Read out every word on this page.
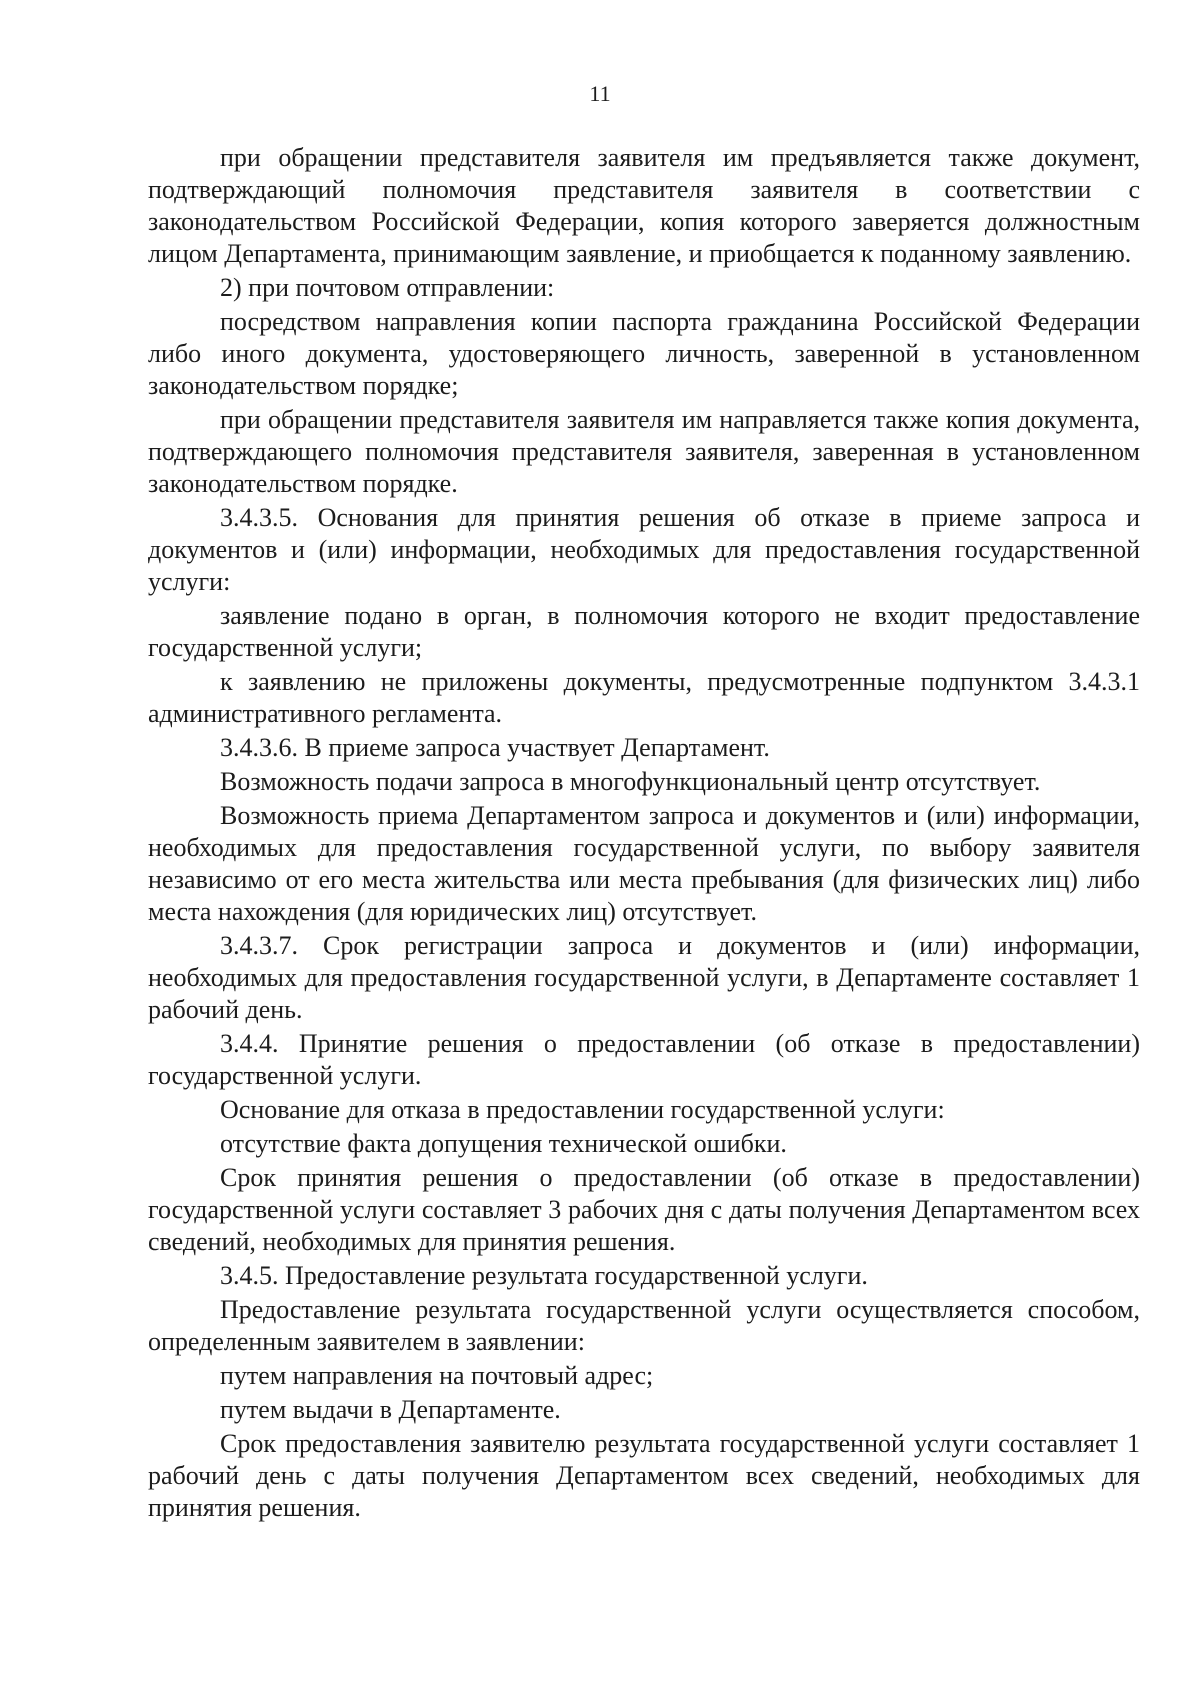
11

при обращении представителя заявителя им предъявляется также документ, подтверждающий полномочия представителя заявителя в соответствии с законодательством Российской Федерации, копия которого заверяется должностным лицом Департамента, принимающим заявление, и приобщается к поданному заявлению.

2) при почтовом отправлении:

посредством направления копии паспорта гражданина Российской Федерации либо иного документа, удостоверяющего личность, заверенной в установленном законодательством порядке;

при обращении представителя заявителя им направляется также копия документа, подтверждающего полномочия представителя заявителя, заверенная в установленном законодательством порядке.

3.4.3.5. Основания для принятия решения об отказе в приеме запроса и документов и (или) информации, необходимых для предоставления государственной услуги:

заявление подано в орган, в полномочия которого не входит предоставление государственной услуги;

к заявлению не приложены документы, предусмотренные подпунктом 3.4.3.1 административного регламента.

3.4.3.6. В приеме запроса участвует Департамент.

Возможность подачи запроса в многофункциональный центр отсутствует.

Возможность приема Департаментом запроса и документов и (или) информации, необходимых для предоставления государственной услуги, по выбору заявителя независимо от его места жительства или места пребывания (для физических лиц) либо места нахождения (для юридических лиц) отсутствует.

3.4.3.7. Срок регистрации запроса и документов и (или) информации, необходимых для предоставления государственной услуги, в Департаменте составляет 1 рабочий день.

3.4.4. Принятие решения о предоставлении (об отказе в предоставлении) государственной услуги.

Основание для отказа в предоставлении государственной услуги:

отсутствие факта допущения технической ошибки.

Срок принятия решения о предоставлении (об отказе в предоставлении) государственной услуги составляет 3 рабочих дня с даты получения Департаментом всех сведений, необходимых для принятия решения.

3.4.5. Предоставление результата государственной услуги.

Предоставление результата государственной услуги осуществляется способом, определенным заявителем в заявлении:

путем направления на почтовый адрес;

путем выдачи в Департаменте.

Срок предоставления заявителю результата государственной услуги составляет 1 рабочий день с даты получения Департаментом всех сведений, необходимых для принятия решения.
